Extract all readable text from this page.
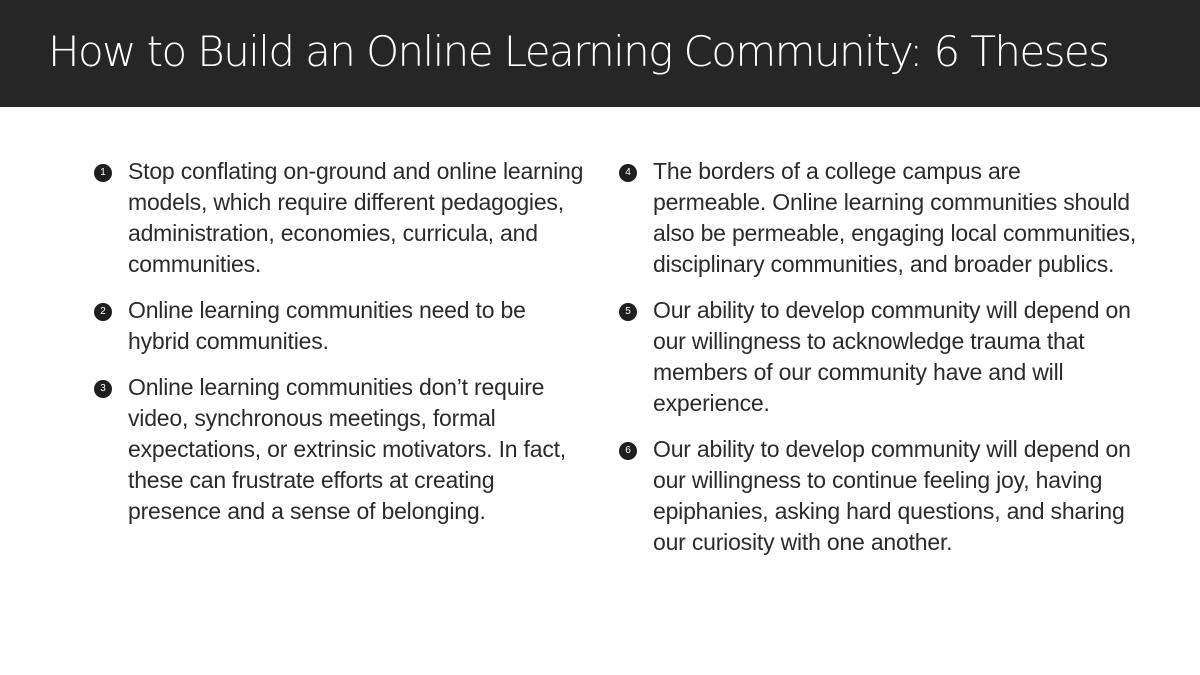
How to Build an Online Learning Community: 6 Theses
1 Stop conflating on-ground and online learning models, which require different pedagogies, administration, economies, curricula, and communities.
2 Online learning communities need to be hybrid communities.
3 Online learning communities don’t require video, synchronous meetings, formal expectations, or extrinsic motivators. In fact, these can frustrate efforts at creating presence and a sense of belonging.
4 The borders of a college campus are permeable. Online learning communities should also be permeable, engaging local communities, disciplinary communities, and broader publics.
5 Our ability to develop community will depend on our willingness to acknowledge trauma that members of our community have and will experience.
6 Our ability to develop community will depend on our willingness to continue feeling joy, having epiphanies, asking hard questions, and sharing our curiosity with one another.
